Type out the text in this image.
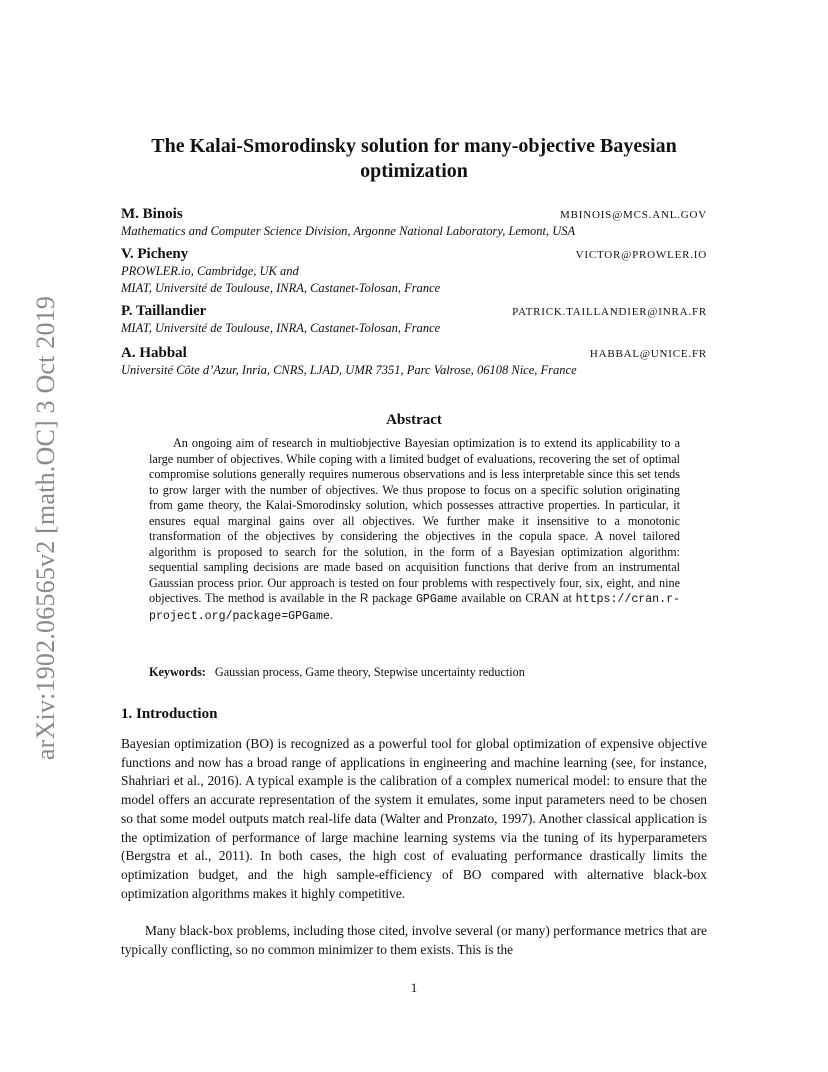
arXiv:1902.06565v2 [math.OC] 3 Oct 2019
The Kalai-Smorodinsky solution for many-objective Bayesian optimization
M. Binois	MBINOIS@MCS.ANL.GOV
Mathematics and Computer Science Division, Argonne National Laboratory, Lemont, USA
V. Picheny	VICTOR@PROWLER.IO
PROWLER.io, Cambridge, UK and
MIAT, Université de Toulouse, INRA, Castanet-Tolosan, France
P. Taillandier	PATRICK.TAILLANDIER@INRA.FR
MIAT, Université de Toulouse, INRA, Castanet-Tolosan, France
A. Habbal	HABBAL@UNICE.FR
Université Côte d’Azur, Inria, CNRS, LJAD, UMR 7351, Parc Valrose, 06108 Nice, France
Abstract

An ongoing aim of research in multiobjective Bayesian optimization is to extend its applicability to a large number of objectives. While coping with a limited budget of evaluations, recovering the set of optimal compromise solutions generally requires numerous observations and is less interpretable since this set tends to grow larger with the number of objectives. We thus propose to focus on a specific solution originating from game theory, the Kalai-Smorodinsky solution, which possesses attractive properties. In particular, it ensures equal marginal gains over all objectives. We further make it insensitive to a monotonic transformation of the objectives by considering the objectives in the copula space. A novel tailored algorithm is proposed to search for the solution, in the form of a Bayesian optimization algorithm: sequential sampling decisions are made based on acquisition functions that derive from an instrumental Gaussian process prior. Our approach is tested on four problems with respectively four, six, eight, and nine objectives. The method is available in the R package GPGame available on CRAN at https://cran.r-project.org/package=GPGame.

Keywords: Gaussian process, Game theory, Stepwise uncertainty reduction
1. Introduction

Bayesian optimization (BO) is recognized as a powerful tool for global optimization of expensive objective functions and now has a broad range of applications in engineering and machine learning (see, for instance, Shahriari et al., 2016). A typical example is the calibration of a complex numerical model: to ensure that the model offers an accurate representation of the system it emulates, some input parameters need to be chosen so that some model outputs match real-life data (Walter and Pronzato, 1997). Another classical application is the optimization of performance of large machine learning systems via the tuning of its hyperparameters (Bergstra et al., 2011). In both cases, the high cost of evaluating performance drastically limits the optimization budget, and the high sample-efficiency of BO compared with alternative black-box optimization algorithms makes it highly competitive.

Many black-box problems, including those cited, involve several (or many) performance metrics that are typically conflicting, so no common minimizer to them exists. This is the

1
